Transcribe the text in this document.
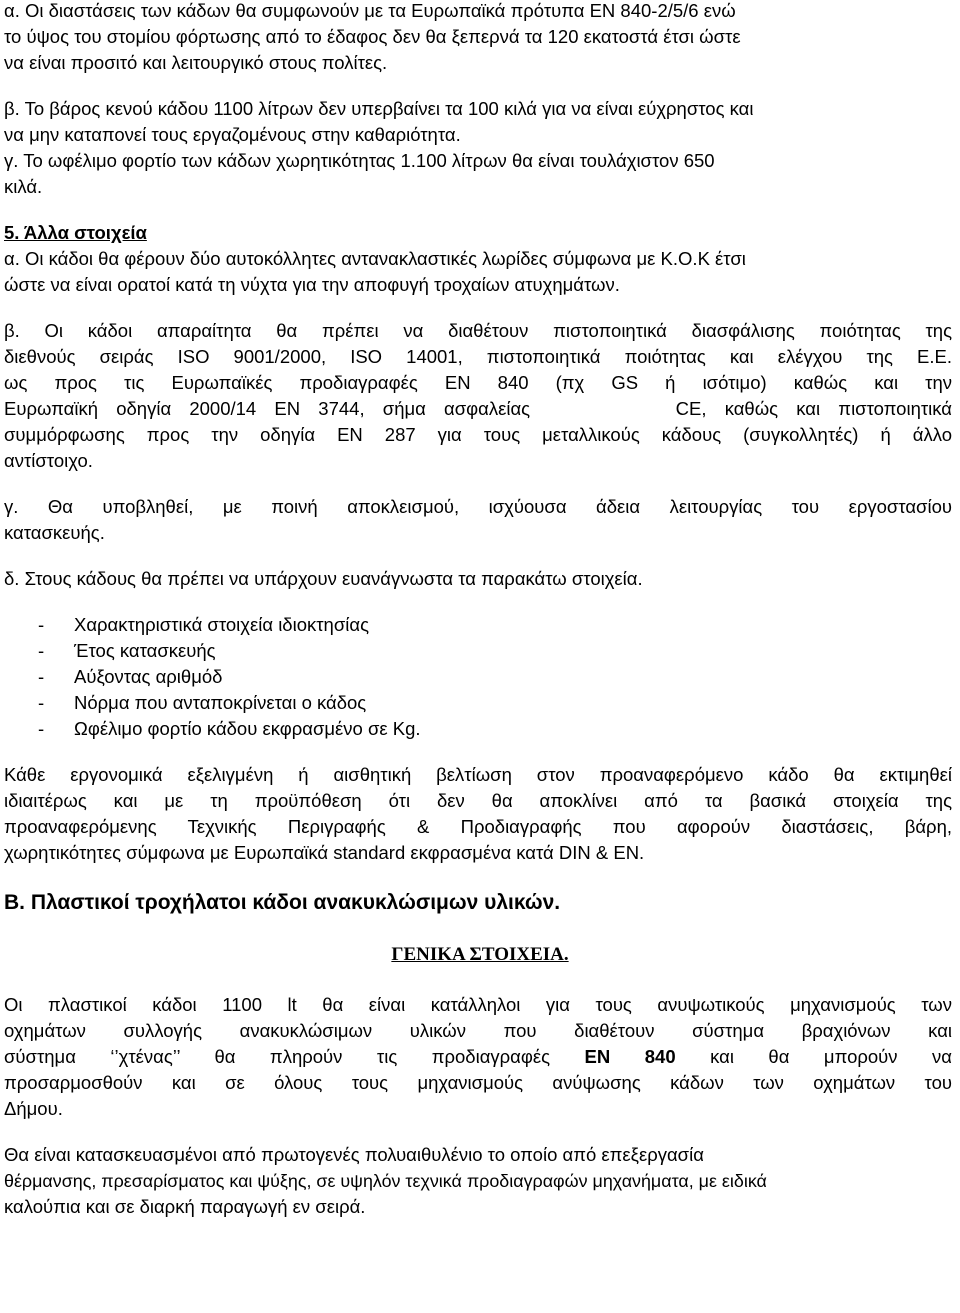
α. Οι διαστάσεις των κάδων θα συμφωνούν με τα Ευρωπαϊκά πρότυπα ΕΝ 840-2/5/6 ενώ
το ύψος του στομίου φόρτωσης από το έδαφος δεν θα ξεπερνά τα 120 εκατοστά έτσι ώστε
να είναι προσιτό και λειτουργικό στους πολίτες.
β. Το βάρος κενού κάδου 1100 λίτρων δεν υπερβαίνει τα 100 κιλά για να είναι εύχρηστος και
να μην καταπονεί τους εργαζομένους στην καθαριότητα.
γ. Το ωφέλιμο φορτίο των κάδων χωρητικότητας 1.100 λίτρων θα είναι τουλάχιστον 650
κιλά.
5. Άλλα στοιχεία
α. Οι κάδοι θα φέρουν δύο αυτοκόλλητες αντανακλαστικές λωρίδες σύμφωνα με Κ.Ο.Κ έτσι
ώστε να είναι ορατοί κατά τη νύχτα για την αποφυγή τροχαίων ατυχημάτων.
β. Οι κάδοι απαραίτητα θα πρέπει να διαθέτουν πιστοποιητικά διασφάλισης ποιότητας της
διεθνούς σειράς ISO 9001/2000, ISO 14001, πιστοποιητικά ποιότητας και ελέγχου της Ε.Ε.
ως προς τις Ευρωπαϊκές προδιαγραφές ΕΝ 840 (πχ GS ή ισότιμο) καθώς και την
Ευρωπαϊκή οδηγία 2000/14 ΕΝ 3744, σήμα ασφαλείας        CE, καθώς και πιστοποιητικά
συμμόρφωσης προς την οδηγία ΕΝ 287 για τους μεταλλικούς κάδους (συγκολλητές) ή άλλο
αντίστοιχο.
γ. Θα υποβληθεί, με ποινή αποκλεισμού, ισχύουσα άδεια λειτουργίας του εργοστασίου
κατασκευής.
δ. Στους κάδους θα πρέπει να υπάρχουν ευανάγνωστα τα παρακάτω στοιχεία.
- Χαρακτηριστικά στοιχεία ιδιοκτησίας
- Έτος κατασκευής
- Αύξοντας αριθμόδ
- Νόρμα που ανταποκρίνεται ο κάδος
- Ωφέλιμο φορτίο κάδου εκφρασμένο σε Kg.
Κάθε εργονομικά εξελιγμένη ή αισθητική βελτίωση στον προαναφερόμενο κάδο θα εκτιμηθεί
ιδιαιτέρως και με τη προϋπόθεση ότι δεν θα αποκλίνει από τα βασικά στοιχεία της
προαναφερόμενης Τεχνικής Περιγραφής & Προδιαγραφής που αφορούν διαστάσεις, βάρη,
χωρητικότητες σύμφωνα με Ευρωπαϊκά standard εκφρασμένα κατά DIN & EN.
Β. Πλαστικοί τροχήλατοι κάδοι ανακυκλώσιμων υλικών.
ΓΕΝΙΚΑ ΣΤΟΙΧΕΙΑ.
Οι πλαστικοί κάδοι 1100 lt θα είναι κατάλληλοι για τους ανυψωτικούς μηχανισμούς των
οχημάτων συλλογής ανακυκλώσιμων υλικών που διαθέτουν σύστημα βραχιόνων και
σύστημα ‘’χτένας’’ θα πληρούν τις προδιαγραφές ΕΝ 840 και θα μπορούν να
προσαρμοσθούν και σε όλους τους μηχανισμούς ανύψωσης κάδων των οχημάτων του
Δήμου.
Θα είναι κατασκευασμένοι από πρωτογενές πολυαιθυλένιο το οποίο από επεξεργασία
θέρμανσης, πρεσαρίσματος και ψύξης, σε υψηλόν τεχνικά προδιαγραφών μηχανήματα, με ειδικά
καλούπια και σε διαρκή παραγωγή εν σειρά.
